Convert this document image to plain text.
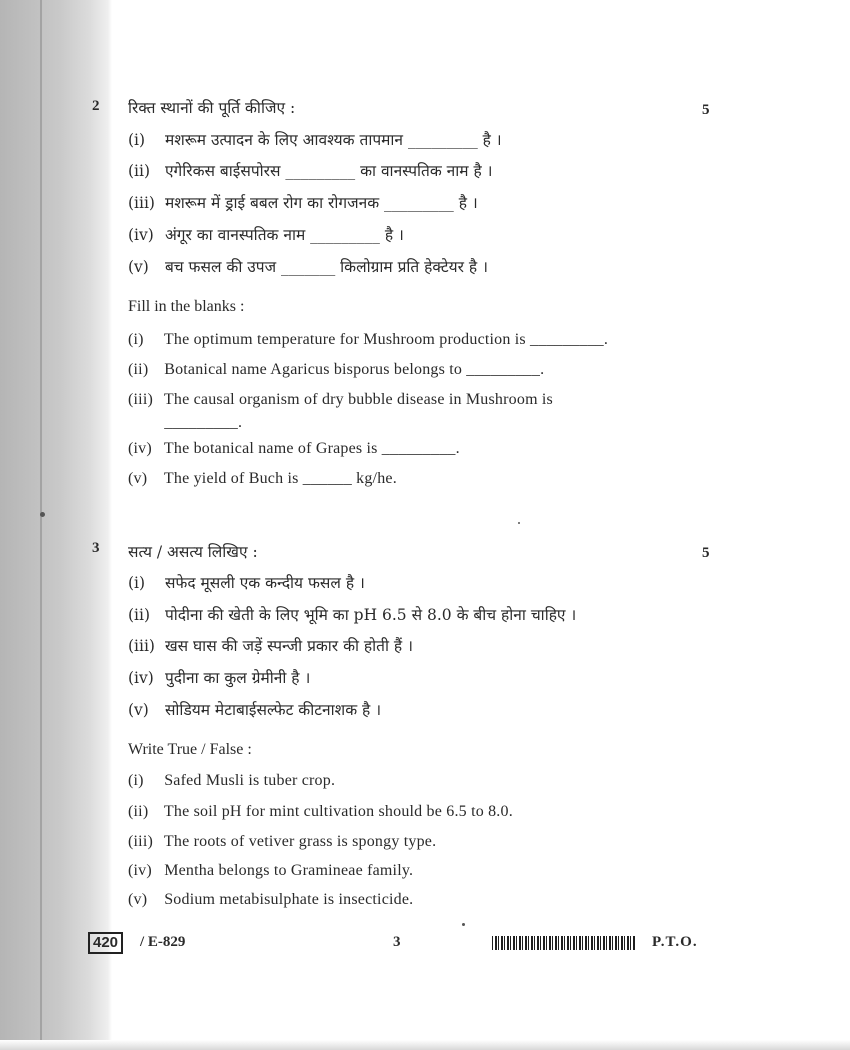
2	5
रिक्त स्थानों की पूर्ति कीजिए :
(i) मशरूम उत्पादन के लिए आवश्यक तापमान _________ है ।
(ii) एगेरिकस बाईसपोरस _________ का वानस्पतिक नाम है ।
(iii) मशरूम में ड्राई बबल रोग का रोगजनक _________ है ।
(iv) अंगूर का वानस्पतिक नाम _________ है ।
(v) बच फसल की उपज _______ किलोग्राम प्रति हेक्टेयर है ।
Fill in the blanks :
(i) The optimum temperature for Mushroom production is _________.
(ii) Botanical name Agaricus bisporus belongs to _________.
(iii) The causal organism of dry bubble disease in Mushroom is
_________.
(iv) The botanical name of Grapes is _________.
(v) The yield of Buch is ______ kg/he.
3	5
सत्य / असत्य लिखिए :
(i) सफेद मूसली एक कन्दीय फसल है ।
(ii) पोदीना की खेती के लिए भूमि का pH 6.5 से 8.0 के बीच होना चाहिए ।
(iii) खस घास की जड़ें स्पन्जी प्रकार की होती हैं ।
(iv) पुदीना का कुल ग्रेमीनी है ।
(v) सोडियम मेटाबाईसल्फेट कीटनाशक है ।
Write True / False :
(i) Safed Musli is tuber crop.
(ii) The soil pH for mint cultivation should be 6.5 to 8.0.
(iii) The roots of vetiver grass is spongy type.
(iv) Mentha belongs to Gramineae family.
(v) Sodium metabisulphate is insecticide.
420	/ E-829	3	P.T.O.
